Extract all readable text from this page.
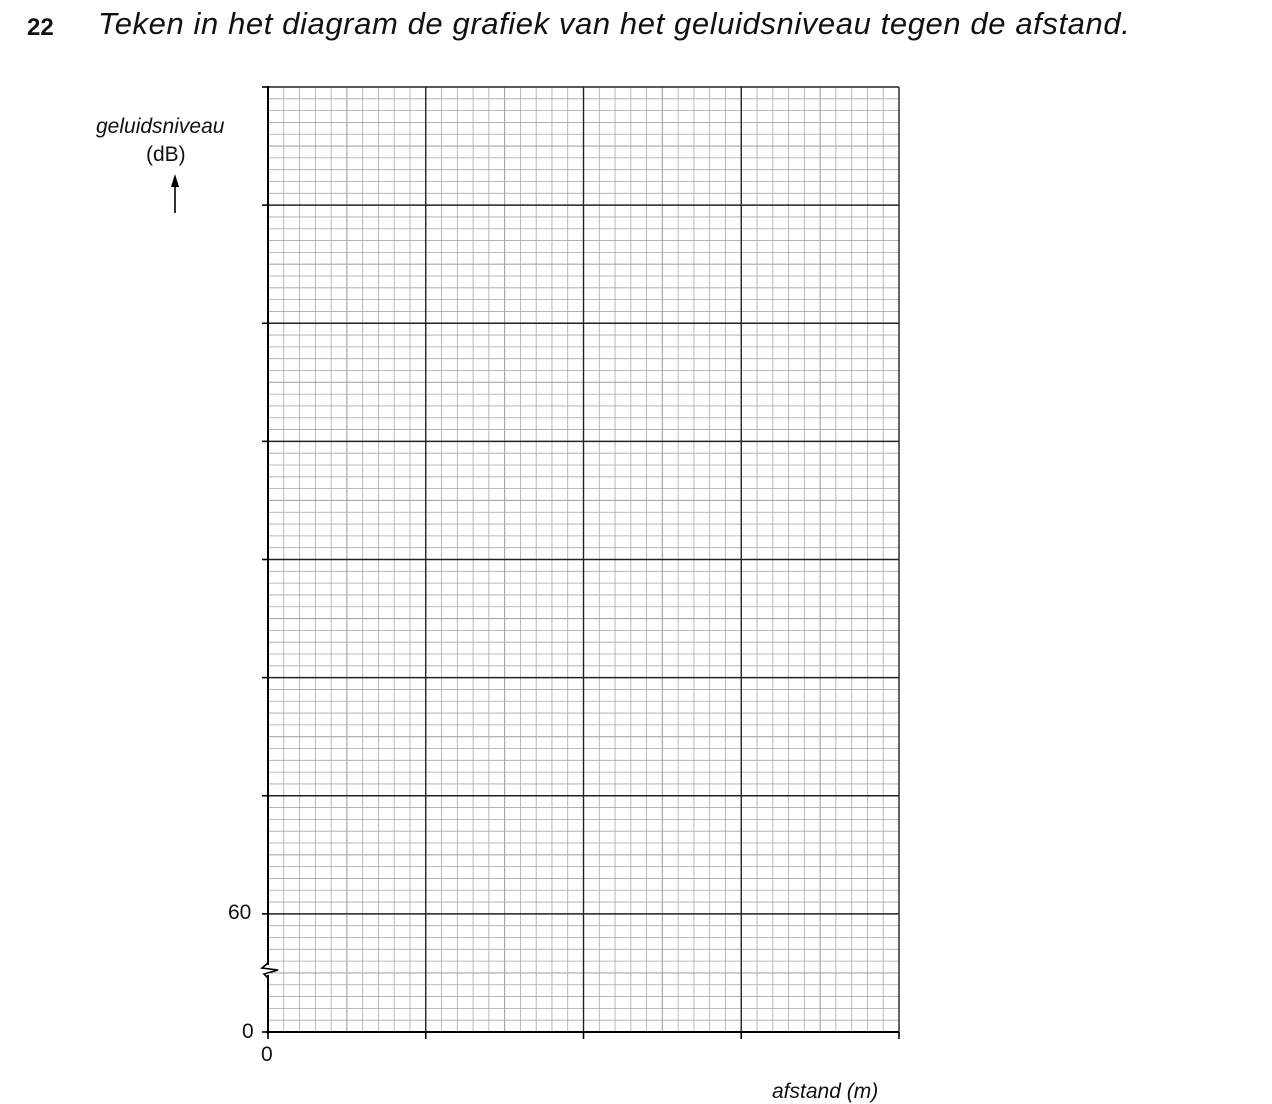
22 Teken in het diagram de grafiek van het geluidsniveau tegen de afstand.
geluidsniveau
(dB)
60
0
0
afstand (m)
